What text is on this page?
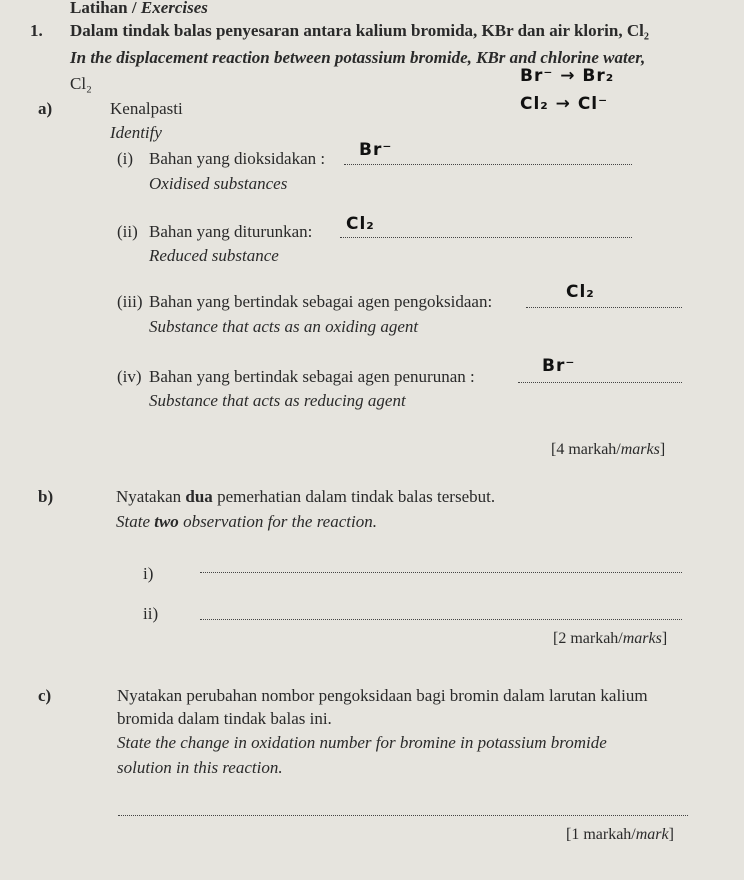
Latihan / Exercises
1. Dalam tindak balas penyesaran antara kalium bromida, KBr dan air klorin, Cl₂
In the displacement reaction between potassium bromide, KBr and chlorine water,
Cl₂	Br⁻ → Br₂
Cl₂ → Cl⁻
a)	Kenalpasti
Identify
(i) Bahan yang dioksidakan : Br⁻
Oxidised substances
(ii) Bahan yang diturunkan: Cl₂
Reduced substance
(iii) Bahan yang bertindak sebagai agen pengoksidaan:	Cl₂
Substance that acts as an oxiding agent
(iv) Bahan yang bertindak sebagai agen penurunan :
Br⁻
Substance that acts as reducing agent
[4 markah/marks]
b)	Nyatakan dua pemerhatian dalam tindak balas tersebut.
State two observation for the reaction.
i)
ii)
[2 markah/marks]
c)	Nyatakan perubahan nombor pengoksidaan bagi bromin dalam larutan kalium
bromida dalam tindak balas ini.
State the change in oxidation number for bromine in potassium bromide
solution in this reaction.
[1 markah/mark]
